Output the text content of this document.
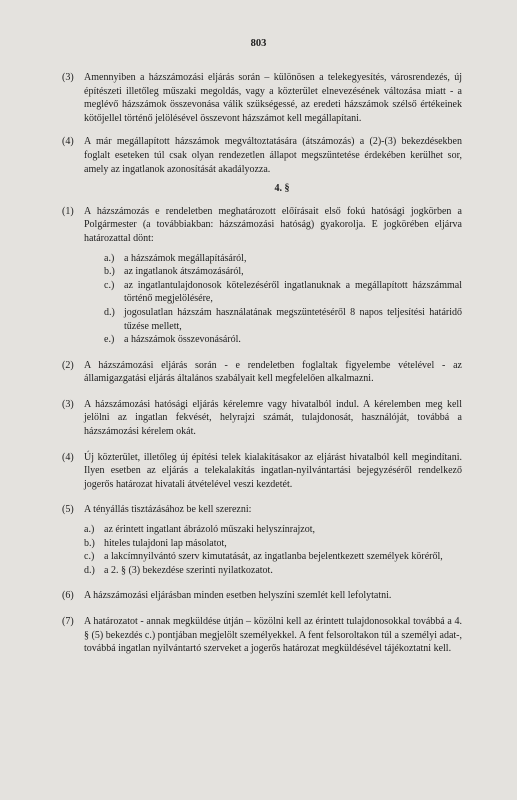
803
(3)	Amennyiben a házszámozási eljárás során – különösen a telekegyesítés, városrendezés, új építészeti illetőleg műszaki megoldás, vagy a közterület elnevezésének változása miatt - a meglévő házszámok összevonása válik szükségessé, az eredeti házszámok szélső értékeinek kötőjellel történő jelölésével összevont házszámot kell megállapítani.
(4)	A már megállapított házszámok megváltoztatására (átszámozás) a (2)-(3) bekezdésekben foglalt eseteken túl csak olyan rendezetlen állapot megszüntetése érdekében kerülhet sor, amely az ingatlanok azonosítását akadályozza.
4. §
(1)	A házszámozás e rendeletben meghatározott előírásait első fokú hatósági jogkörben a Polgármester (a továbbiakban: házszámozási hatóság) gyakorolja. E jogkörében eljárva határozattal dönt:
a.) a házszámok megállapításáról,
b.) az ingatlanok átszámozásáról,
c.) az ingatlantulajdonosok kötelezéséről ingatlanuknak a megállapított házszámmal történő megjelölésére,
d.) jogosulatlan házszám használatának megszüntetéséről 8 napos teljesítési határidő tűzése mellett,
e.) a házszámok összevonásáról.
(2)	A házszámozási eljárás során - e rendeletben foglaltak figyelembe vételével - az államigazgatási eljárás általános szabályait kell megfelelően alkalmazni.
(3)	A házszámozási hatósági eljárás kérelemre vagy hivatalból indul. A kérelemben meg kell jelölni az ingatlan fekvését, helyrajzi számát, tulajdonosát, használóját, továbbá a házszámozási kérelem okát.
(4)	Új közterület, illetőleg új építési telek kialakításakor az eljárást hivatalból kell megindítani. Ilyen esetben az eljárás a telekalakítás ingatlan-nyilvántartási bejegyzéséről rendelkező jogerős határozat hivatali átvételével veszi kezdetét.
(5)	A tényállás tisztázásához be kell szerezni:
a.) az érintett ingatlant ábrázoló műszaki helyszínrajzot,
b.) hiteles tulajdoni lap másolatot,
c.) a lakcímnyilvántó szerv kimutatását, az ingatlanba bejelentkezett személyek köréről,
d.) a 2. § (3) bekezdése szerinti nyilatkozatot.
(6)	A házszámozási eljárásban minden esetben helyszíni szemlét kell lefolytatni.
(7)	A határozatot - annak megküldése útján – közölni kell az érintett tulajdonosokkal továbbá a 4. § (5) bekezdés c.) pontjában megjelölt személyekkel. A fent felsoroltakon túl a személyi adat-, továbbá ingatlan nyilvántartó szerveket a jogerős határozat megküldésével tájékoztatni kell.
